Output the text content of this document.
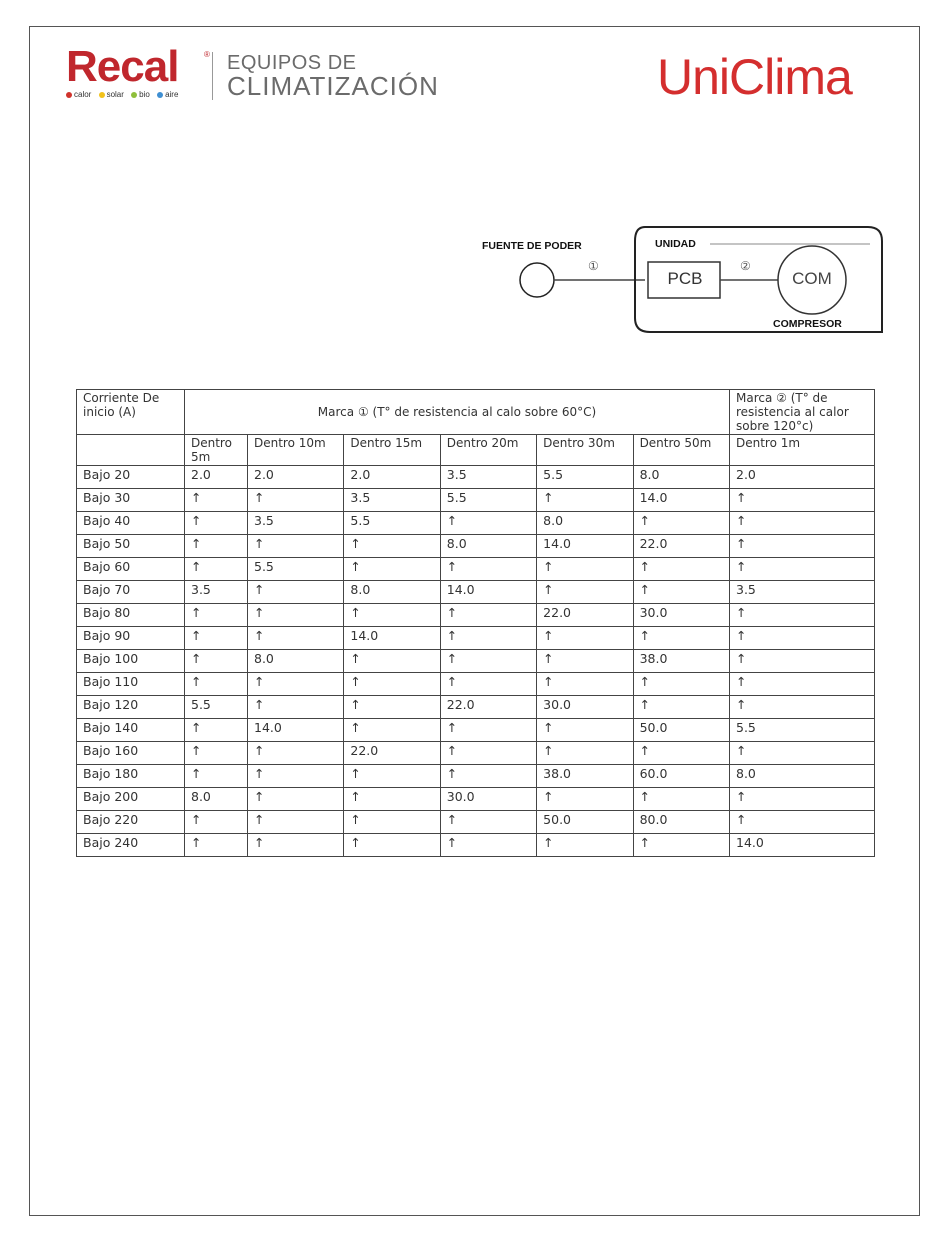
Recal	®
calor solar bio aire
EQUIPOS DE
CLIMATIZACIÓN	UniClima
FUENTE DE PODER	UNIDAD
①	②
PCB	COM
COMPRESOR
Corriente De inicio (A)	Marca ① (T° de resistencia al calo sobre 60°C)						Marca ② (T° de resistencia al calor sobre 120°c)
	Dentro 5m	Dentro 10m	Dentro 15m	Dentro 20m	Dentro 30m	Dentro 50m	Dentro 1m
Bajo 20	2.0	2.0	2.0	3.5	5.5	8.0	2.0
Bajo 30	↑	↑	3.5	5.5	↑	14.0	↑
Bajo 40	↑	3.5	5.5	↑	8.0	↑	↑
Bajo 50	↑	↑	↑	8.0	14.0	22.0	↑
Bajo 60	↑	5.5	↑	↑	↑	↑	↑
Bajo 70	3.5	↑	8.0	14.0	↑	↑	3.5
Bajo 80	↑	↑	↑	↑	22.0	30.0	↑
Bajo 90	↑	↑	14.0	↑	↑	↑	↑
Bajo 100	↑	8.0	↑	↑	↑	38.0	↑
Bajo 110	↑	↑	↑	↑	↑	↑	↑
Bajo 120	5.5	↑	↑	22.0	30.0	↑	↑
Bajo 140	↑	14.0	↑	↑	↑	50.0	5.5
Bajo 160	↑	↑	22.0	↑	↑	↑	↑
Bajo 180	↑	↑	↑	↑	38.0	60.0	8.0
Bajo 200	8.0	↑	↑	30.0	↑	↑	↑
Bajo 220	↑	↑	↑	↑	50.0	80.0	↑
Bajo 240	↑	↑	↑	↑	↑	↑	14.0
